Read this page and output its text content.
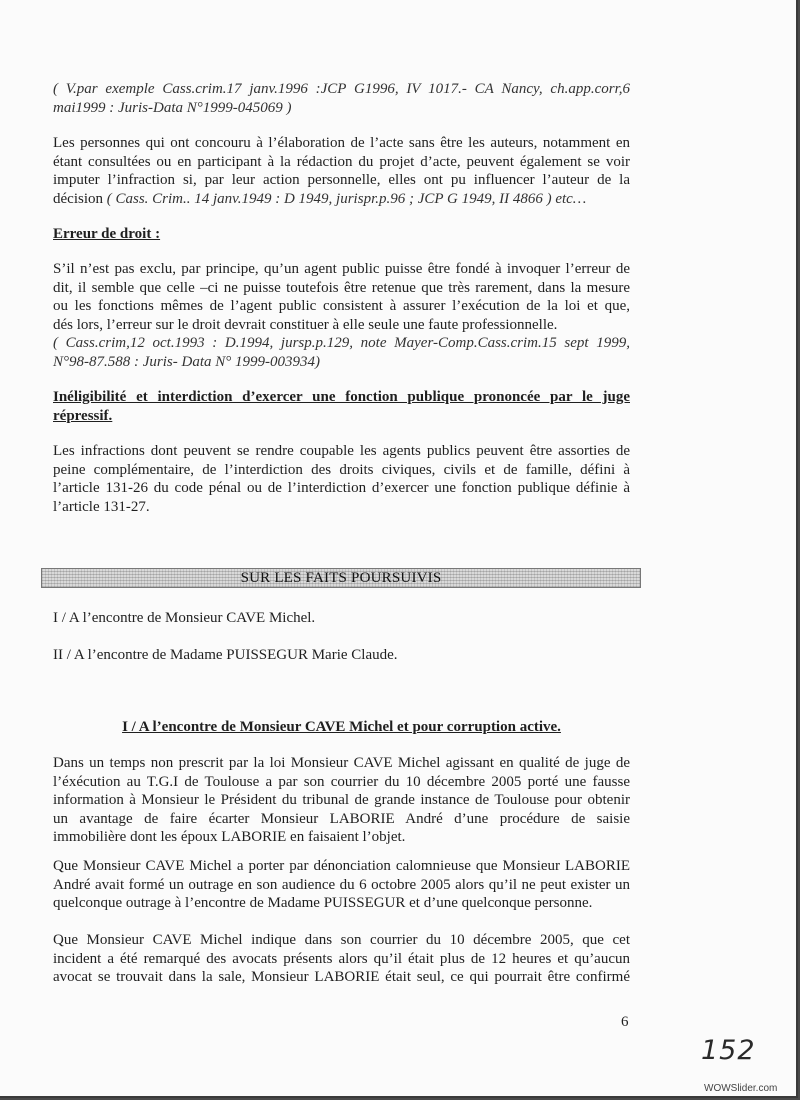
( V.par exemple Cass.crim.17 janv.1996 :JCP G1996, IV 1017.- CA Nancy, ch.app.corr,6
mai1999 : Juris-Data N°1999-045069 )
Les personnes qui ont concouru à l’élaboration de l’acte sans être les auteurs, notamment en
étant consultées ou en participant à la rédaction du projet d’acte, peuvent également se voir
imputer l’infraction si, par leur action personnelle, elles ont pu influencer l’auteur de la
décision ( Cass. Crim.. 14 janv.1949 : D 1949, jurispr.p.96 ; JCP G 1949, II 4866 ) etc…
Erreur de droit :
S’il n’est pas exclu, par principe, qu’un agent public puisse être fondé à invoquer l’erreur de
dit, il semble que celle –ci ne puisse toutefois être retenue que très rarement, dans la mesure
ou les fonctions mêmes de l’agent public consistent à assurer l’exécution de la loi et que,
dés lors, l’erreur sur le droit devrait constituer à elle seule une faute professionnelle.
( Cass.crim,12 oct.1993 : D.1994, jursp.p.129, note Mayer-Comp.Cass.crim.15 sept 1999,
N°98-87.588 : Juris- Data N° 1999-003934)
Inéligibilité et interdiction d’exercer une fonction publique prononcée par le juge
répressif.
Les infractions dont peuvent se rendre coupable les agents publics peuvent être assorties de
peine complémentaire, de l’interdiction des droits civiques, civils et de famille, défini à
l’article 131-26 du code pénal ou de l’interdiction d’exercer une fonction publique définie à
l’article 131-27.
SUR LES FAITS POURSUIVIS
I / A l’encontre de Monsieur CAVE Michel.
II / A l’encontre de Madame PUISSEGUR Marie Claude.
I / A l’encontre de Monsieur CAVE Michel et pour corruption active.
Dans un temps non prescrit par la loi Monsieur CAVE Michel agissant en qualité de juge de
l’éxécution au T.G.I de Toulouse a par son courrier du 10 décembre 2005 porté une fausse
information à Monsieur le Président du tribunal de grande instance de Toulouse pour obtenir
un avantage de faire écarter Monsieur LABORIE André d’une procédure de saisie
immobilière dont les époux LABORIE en faisaient l’objet.
Que Monsieur CAVE Michel a porter par dénonciation calomnieuse que Monsieur LABORIE
André avait formé un outrage en son audience du 6 octobre 2005 alors qu’il ne peut exister un
quelconque outrage à l’encontre de Madame PUISSEGUR et d’une quelconque personne.
Que Monsieur CAVE Michel indique dans son courrier du 10 décembre 2005, que cet
incident a été remarqué des avocats présents alors qu’il était plus de 12 heures et qu’aucun
avocat se trouvait dans la sale, Monsieur LABORIE était seul, ce qui pourrait être confirmé
6
152
WOWSlider.com
